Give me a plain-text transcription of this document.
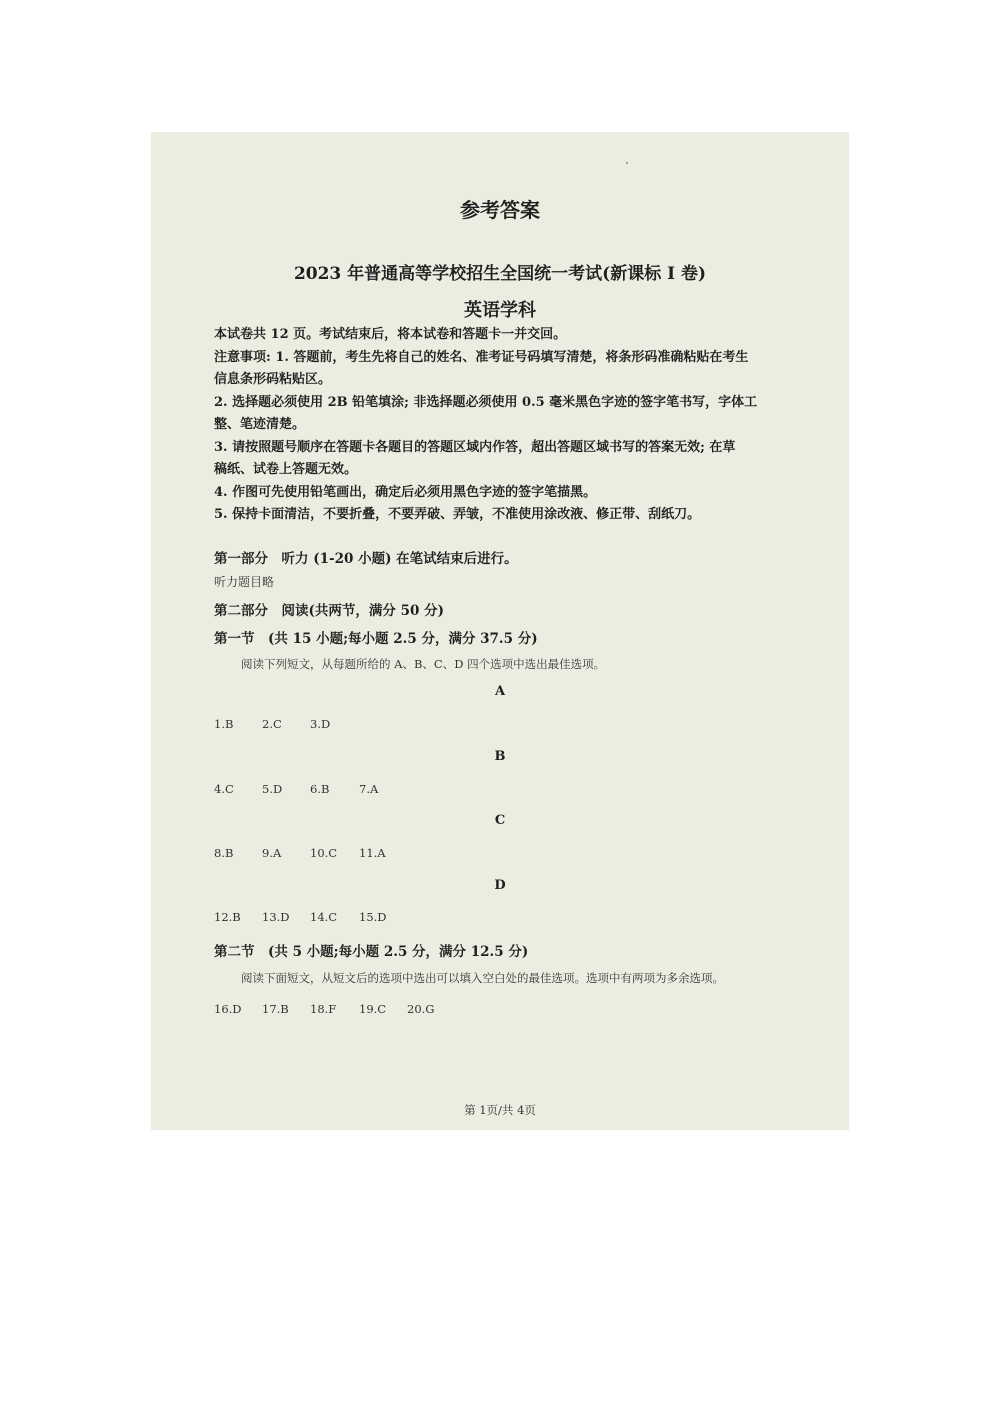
参考答案
2023 年普通高等学校招生全国统一考试(新课标 I 卷)
英语学科
本试卷共 12 页。考试结束后，将本试卷和答题卡一并交回。
注意事项: 1. 答题前，考生先将自己的姓名、准考证号码填写清楚，将条形码准确粘贴在考生
信息条形码粘贴区。
2. 选择题必须使用 2B 铅笔填涂; 非选择题必须使用 0.5 毫米黑色字迹的签字笔书写，字体工
整、笔迹清楚。
3. 请按照题号顺序在答题卡各题目的答题区域内作答，超出答题区域书写的答案无效; 在草
稿纸、试卷上答题无效。
4. 作图可先使用铅笔画出，确定后必须用黑色字迹的签字笔描黑。
5. 保持卡面清洁，不要折叠，不要弄破、弄皱，不准使用涂改液、修正带、刮纸刀。
第一部分　听力 (1-20 小题) 在笔试结束后进行。
听力题目略
第二部分　阅读(共两节，满分 50 分)
第一节　(共 15 小题;每小题 2.5 分，满分 37.5 分)
阅读下列短文，从每题所给的 A、B、C、D 四个选项中选出最佳选项。
A
1.B 2.C 3.D
B
4.C 5.D 6.B	7.A
C
8.B 9.A 10.C 11.A
D
12.B 13.D 14.C 15.D
第二节　(共 5 小题;每小题 2.5 分，满分 12.5 分)
阅读下面短文，从短文后的选项中选出可以填入空白处的最佳选项。选项中有两项为多余选项。
16.D 17.B 18.F 19.C 20.G
第 1页/共 4页
